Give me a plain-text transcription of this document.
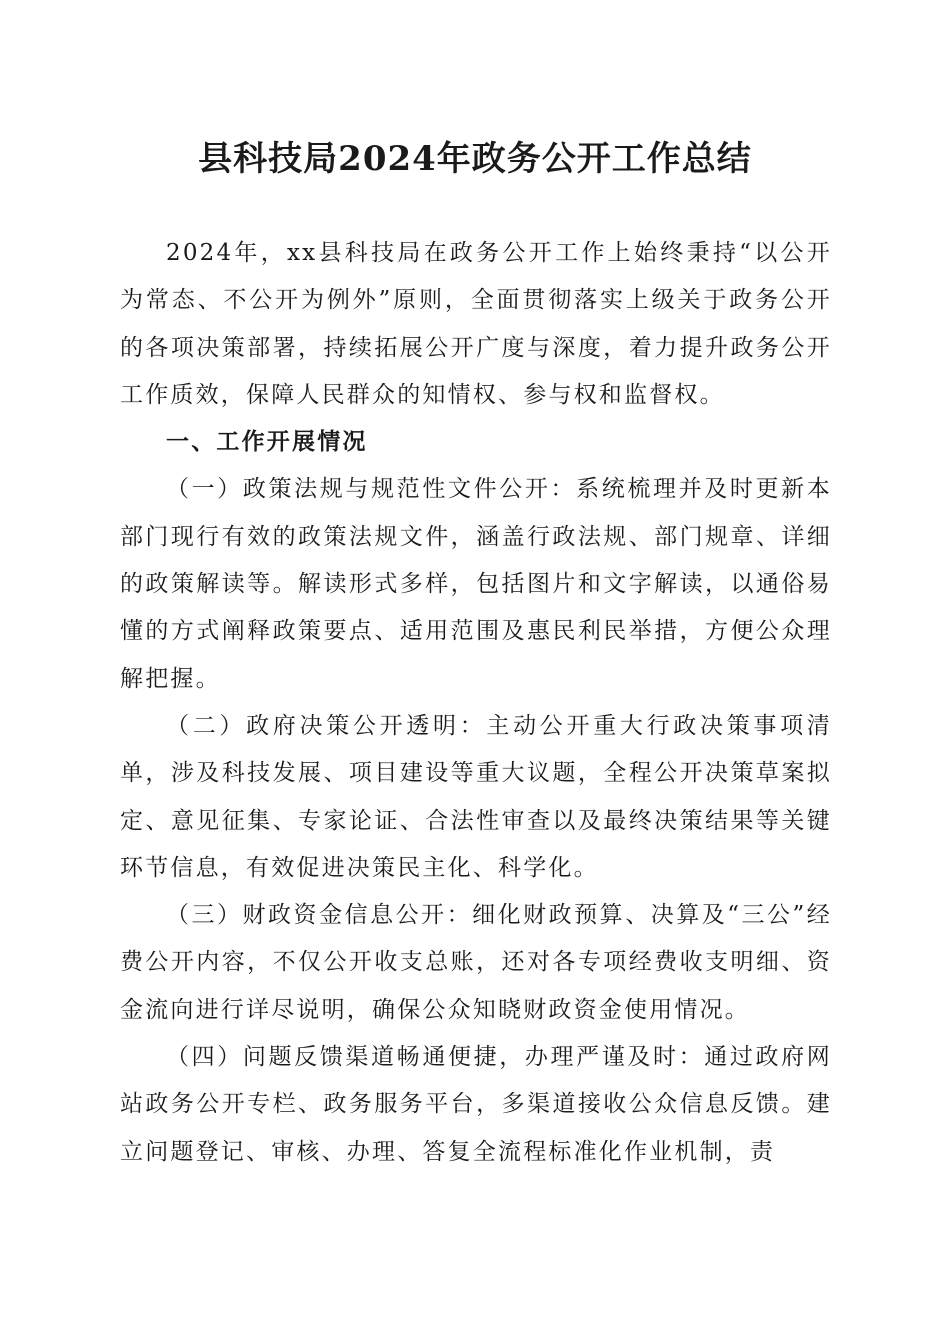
县科技局2024年政务公开工作总结

2024年，xx县科技局在政务公开工作上始终秉持“以公开为常态、不公开为例外”原则，全面贯彻落实上级关于政务公开的各项决策部署，持续拓展公开广度与深度，着力提升政务公开工作质效，保障人民群众的知情权、参与权和监督权。

一、工作开展情况

（一）政策法规与规范性文件公开：系统梳理并及时更新本部门现行有效的政策法规文件，涵盖行政法规、部门规章、详细的政策解读等。解读形式多样，包括图片和文字解读，以通俗易懂的方式阐释政策要点、适用范围及惠民利民举措，方便公众理解把握。

（二）政府决策公开透明：主动公开重大行政决策事项清单，涉及科技发展、项目建设等重大议题，全程公开决策草案拟定、意见征集、专家论证、合法性审查以及最终决策结果等关键环节信息，有效促进决策民主化、科学化。

（三）财政资金信息公开：细化财政预算、决算及“三公”经费公开内容，不仅公开收支总账，还对各专项经费收支明细、资金流向进行详尽说明，确保公众知晓财政资金使用情况。

（四）问题反馈渠道畅通便捷，办理严谨及时：通过政府网站政务公开专栏、政务服务平台，多渠道接收公众信息反馈。建立问题登记、审核、办理、答复全流程标准化作业机制，责
